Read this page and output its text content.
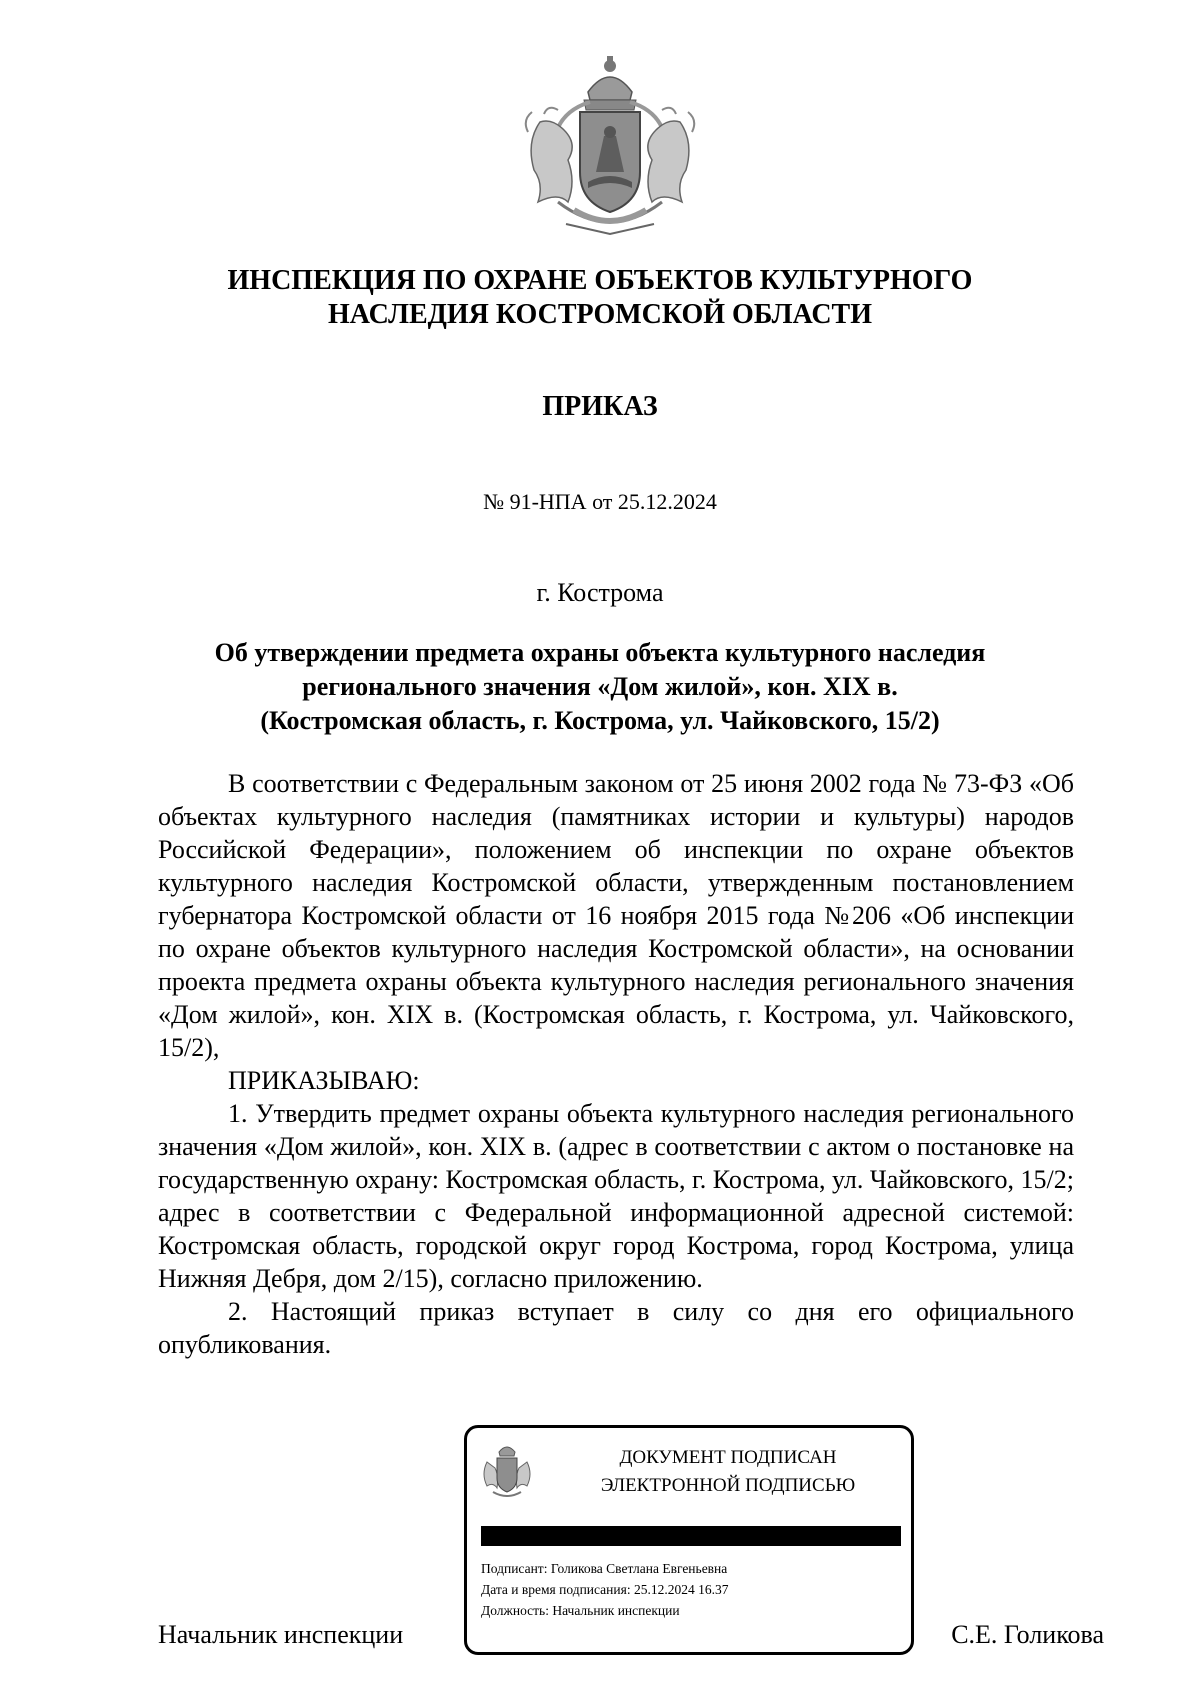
ИНСПЕКЦИЯ ПО ОХРАНЕ ОБЪЕКТОВ КУЛЬТУРНОГО
НАСЛЕДИЯ КОСТРОМСКОЙ ОБЛАСТИ
ПРИКАЗ
№ 91-НПА от 25.12.2024
г. Кострома
Об утверждении предмета охраны объекта культурного наследия
регионального значения «Дом жилой», кон. XIX в.
(Костромская область, г. Кострома, ул. Чайковского, 15/2)

В соответствии с Федеральным законом от 25 июня 2002 года № 73-ФЗ «Об объектах культурного наследия (памятниках истории и культуры) народов Российской Федерации», положением об инспекции по охране объектов культурного наследия Костромской области, утвержденным постановлением губернатора Костромской области от 16 ноября 2015 года №206 «Об инспекции по охране объектов культурного наследия Костромской области», на основании проекта предмета охраны объекта культурного наследия регионального значения «Дом жилой», кон. XIX в. (Костромская область, г. Кострома, ул. Чайковского, 15/2),

ПРИКАЗЫВАЮ:

1. Утвердить предмет охраны объекта культурного наследия регионального значения «Дом жилой», кон. XIX в. (адрес в соответствии с актом о постановке на государственную охрану: Костромская область, г. Кострома, ул. Чайковского, 15/2; адрес в соответствии с Федеральной информационной адресной системой: Костромская область, городской округ город Кострома, город Кострома, улица Нижняя Дебря, дом 2/15), согласно приложению.

2. Настоящий приказ вступает в силу со дня его официального опубликования.

ДОКУМЕНТ ПОДПИСАН
ЭЛЕКТРОННОЙ ПОДПИСЬЮ
Подписант: Голикова Светлана Евгеньевна
Дата и время подписания: 25.12.2024 16.37
Должность: Начальник инспекции
Начальник инспекции	С.Е. Голикова
